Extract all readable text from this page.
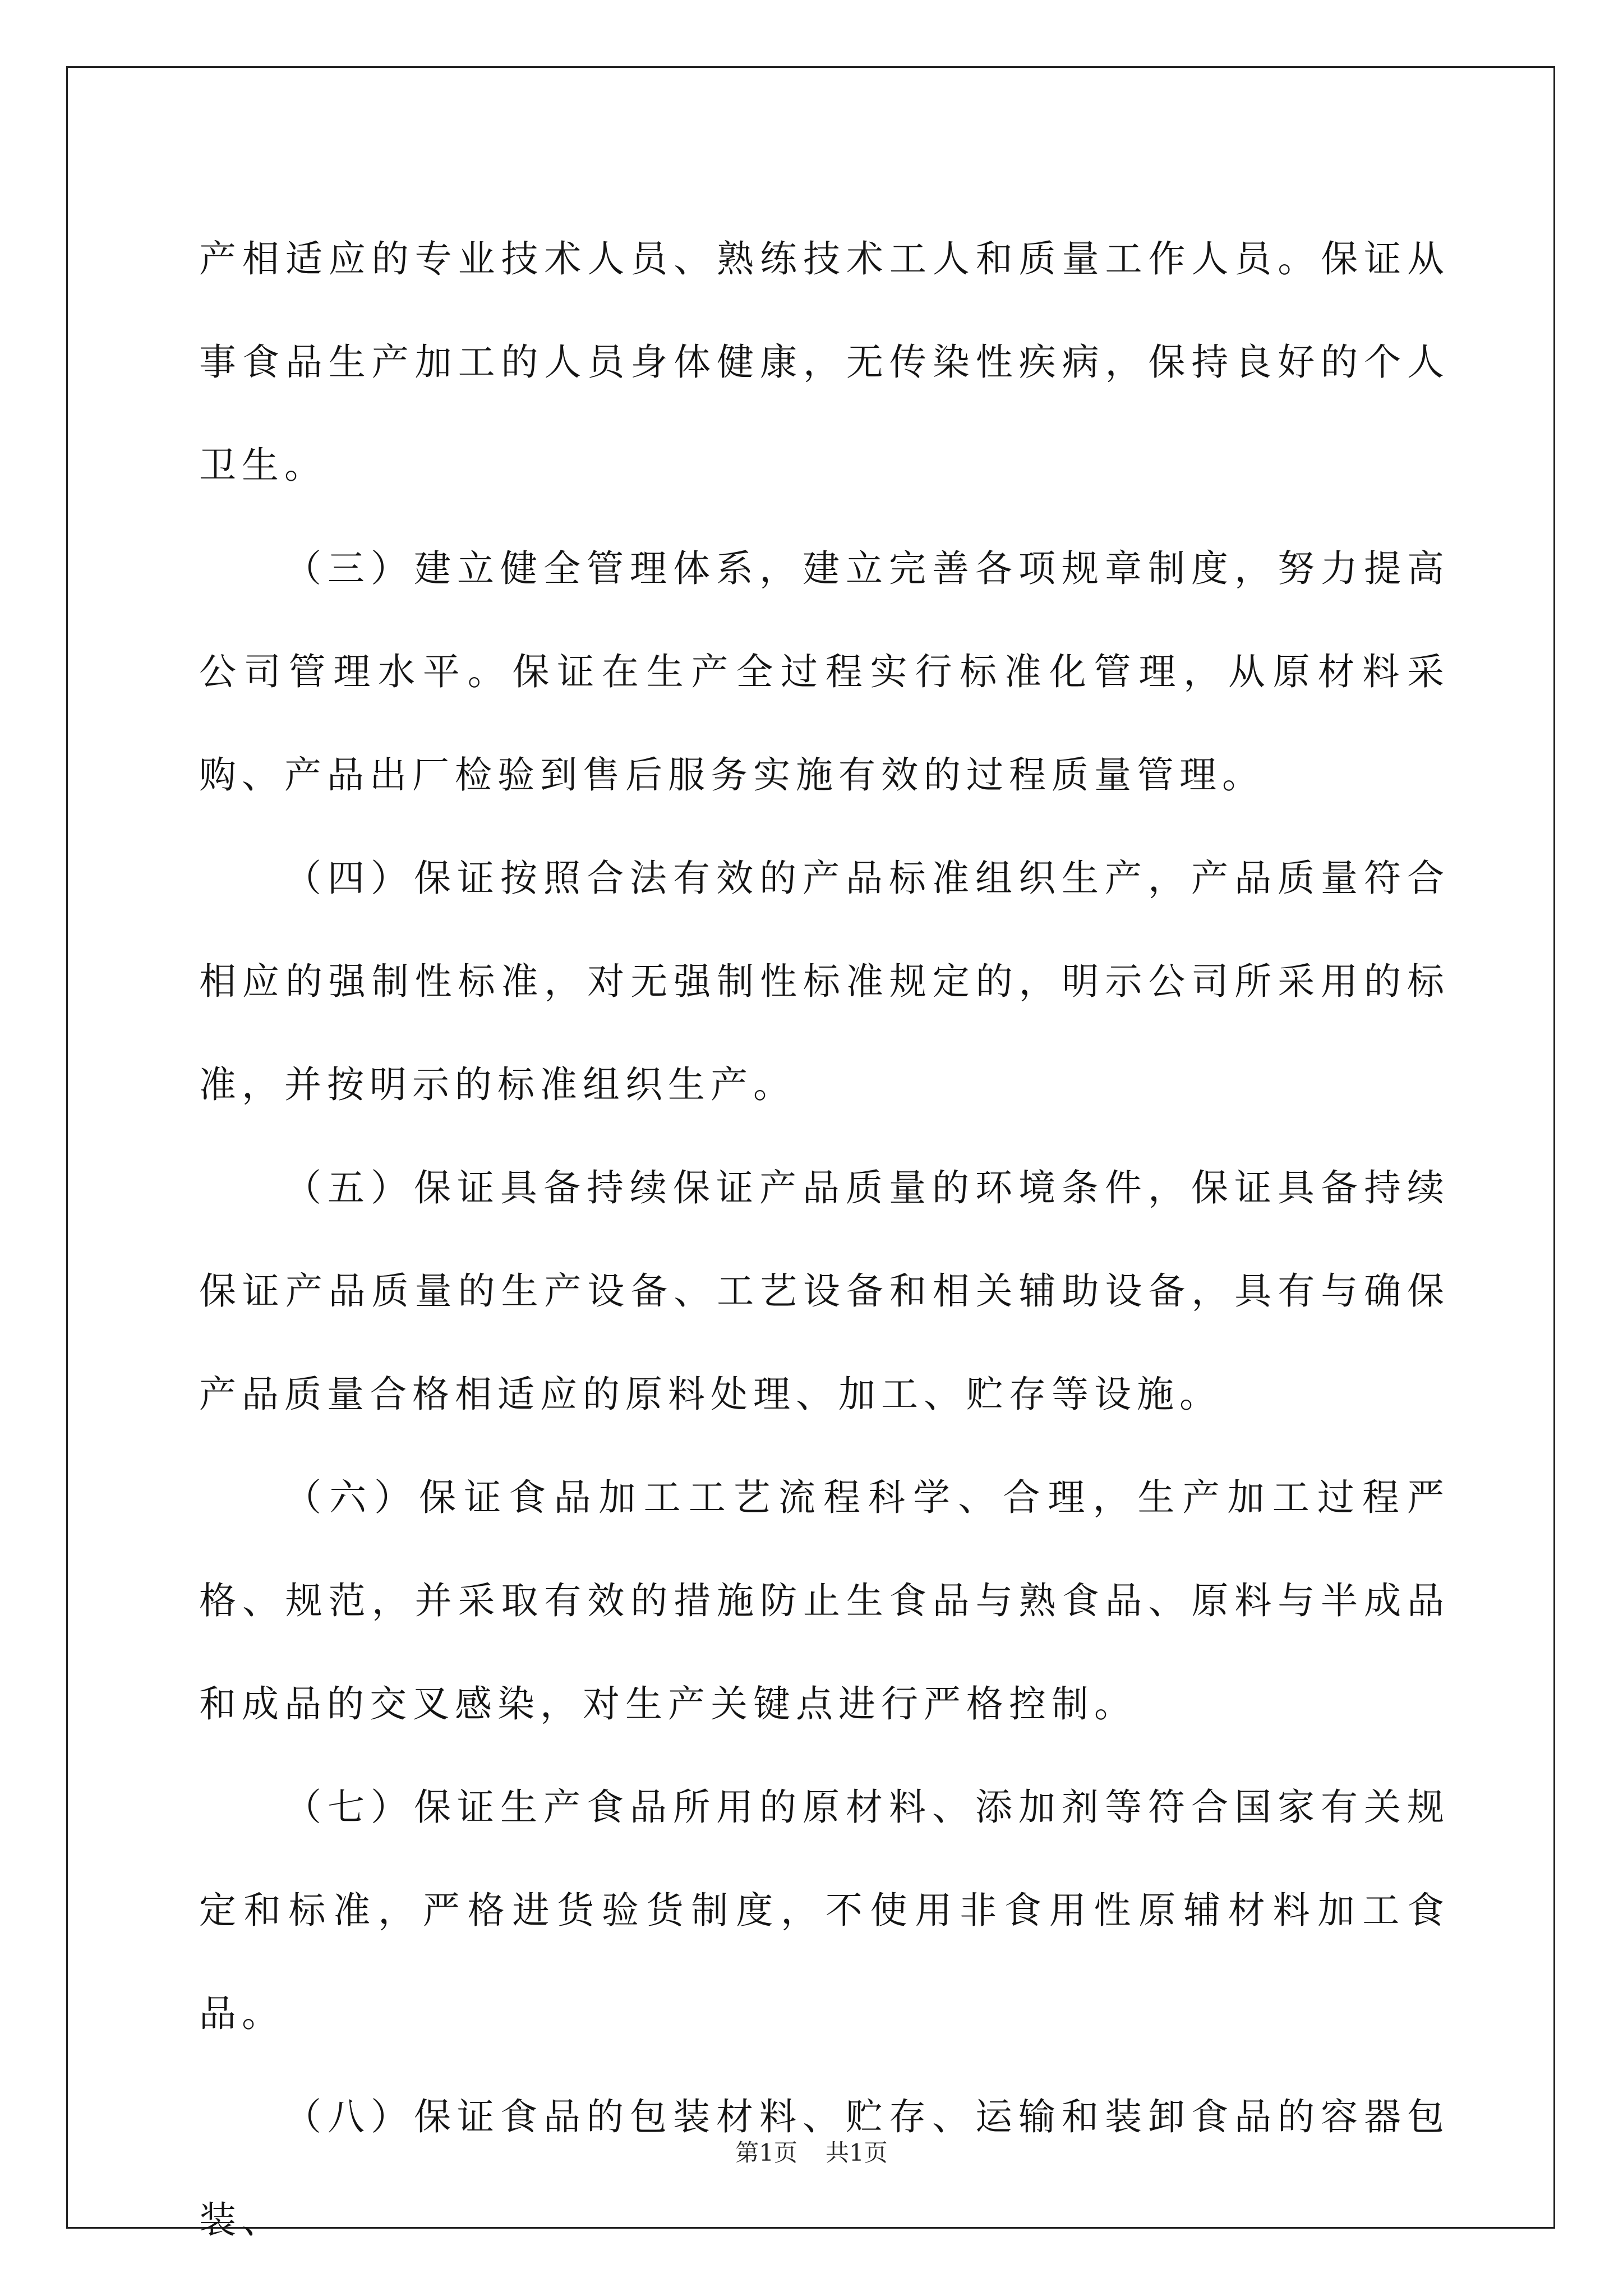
产相适应的专业技术人员、熟练技术工人和质量工作人员。保证从事食品生产加工的人员身体健康，无传染性疾病，保持良好的个人卫生。

（三）建立健全管理体系，建立完善各项规章制度，努力提高公司管理水平。保证在生产全过程实行标准化管理，从原材料采购、产品出厂检验到售后服务实施有效的过程质量管理。

（四）保证按照合法有效的产品标准组织生产，产品质量符合相应的强制性标准，对无强制性标准规定的，明示公司所采用的标准，并按明示的标准组织生产。

（五）保证具备持续保证产品质量的环境条件，保证具备持续保证产品质量的生产设备、工艺设备和相关辅助设备，具有与确保产品质量合格相适应的原料处理、加工、贮存等设施。

（六）保证食品加工工艺流程科学、合理，生产加工过程严格、规范，并采取有效的措施防止生食品与熟食品、原料与半成品和成品的交叉感染，对生产关键点进行严格控制。

（七）保证生产食品所用的原材料、添加剂等符合国家有关规定和标准，严格进货验货制度，不使用非食用性原辅材料加工食品。

（八）保证食品的包装材料、贮存、运输和装卸食品的容器包装、

第1页 共1页
